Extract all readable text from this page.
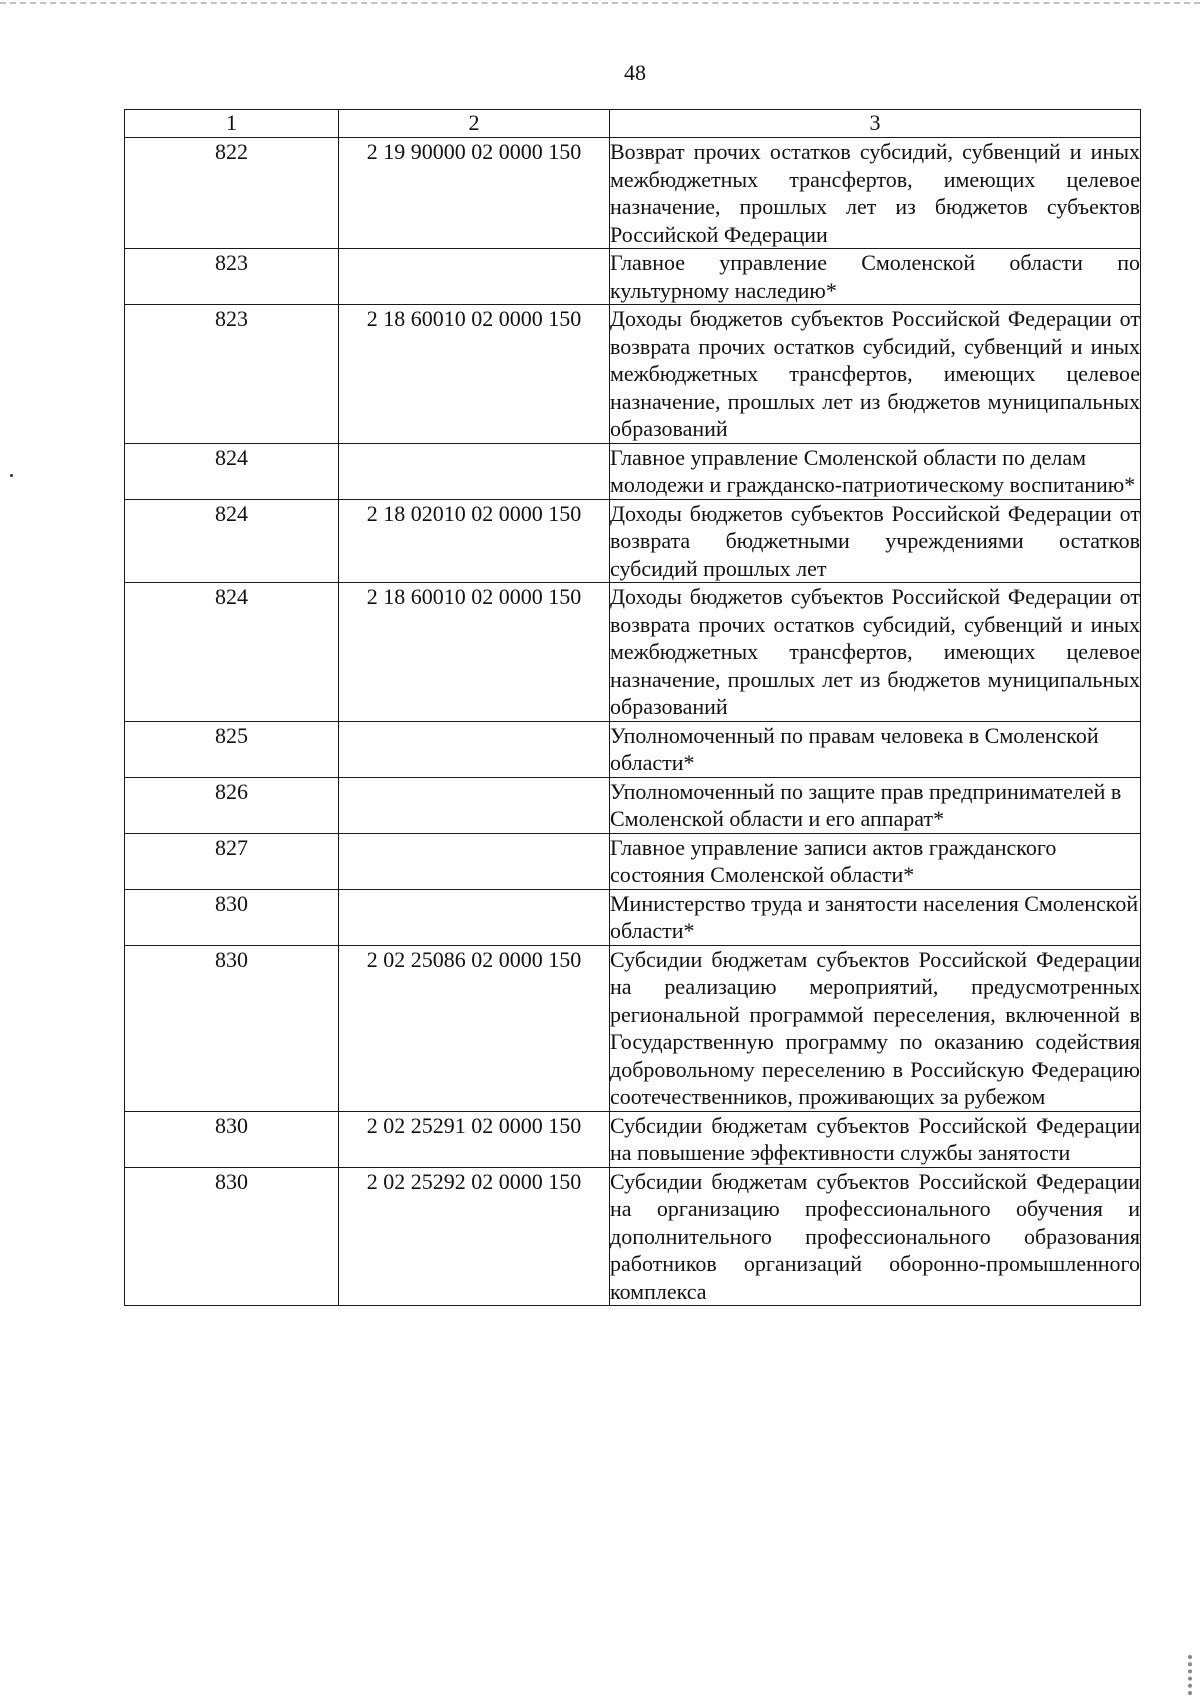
48
1	2	3
822	2 19 90000 02 0000 150	Возврат прочих остатков субсидий, субвенций и иных межбюджетных трансфертов, имеющих целевое назначение, прошлых лет из бюджетов субъектов Российской Федерации
823		Главное управление Смоленской области по культурному наследию*
823	2 18 60010 02 0000 150	Доходы бюджетов субъектов Российской Федерации от возврата прочих остатков субсидий, субвенций и иных межбюджетных трансфертов, имеющих целевое назначение, прошлых лет из бюджетов муниципальных образований
824		Главное управление Смоленской области по делам молодежи и гражданско-патриотическому воспитанию*
824	2 18 02010 02 0000 150	Доходы бюджетов субъектов Российской Федерации от возврата бюджетными учреждениями остатков субсидий прошлых лет
824	2 18 60010 02 0000 150	Доходы бюджетов субъектов Российской Федерации от возврата прочих остатков субсидий, субвенций и иных межбюджетных трансфертов, имеющих целевое назначение, прошлых лет из бюджетов муниципальных образований
825		Уполномоченный по правам человека в Смоленской области*
826		Уполномоченный по защите прав предпринимателей в Смоленской области и его аппарат*
827		Главное управление записи актов гражданского состояния Смоленской области*
830		Министерство труда и занятости населения Смоленской области*
830	2 02 25086 02 0000 150	Субсидии бюджетам субъектов Российской Федерации на реализацию мероприятий, предусмотренных региональной программой переселения, включенной в Государственную программу по оказанию содействия добровольному переселению в Российскую Федерацию соотечественников, проживающих за рубежом
830	2 02 25291 02 0000 150	Субсидии бюджетам субъектов Российской Федерации на повышение эффективности службы занятости
830	2 02 25292 02 0000 150	Субсидии бюджетам субъектов Российской Федерации на организацию профессионального обучения и дополнительного профессионального образования работников организаций оборонно-промышленного комплекса
